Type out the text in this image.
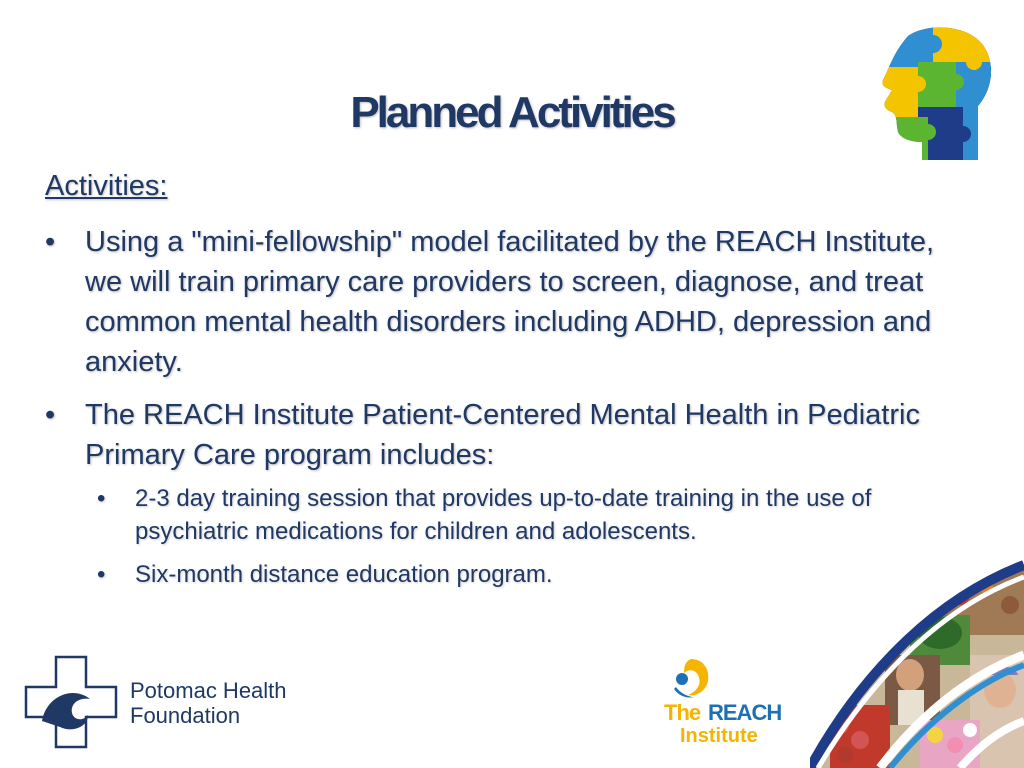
Planned Activities
Activities:
• Using a "mini-fellowship" model facilitated by the REACH Institute, we will train primary care providers to screen, diagnose, and treat common mental health disorders including ADHD, depression and anxiety.
• The REACH Institute Patient-Centered Mental Health in Pediatric Primary Care program includes:
• 2-3 day training session that provides up-to-date training in the use of psychiatric medications for children and adolescents.
• Six-month distance education program.
Potomac Health
Foundation	The REACH
Institute
